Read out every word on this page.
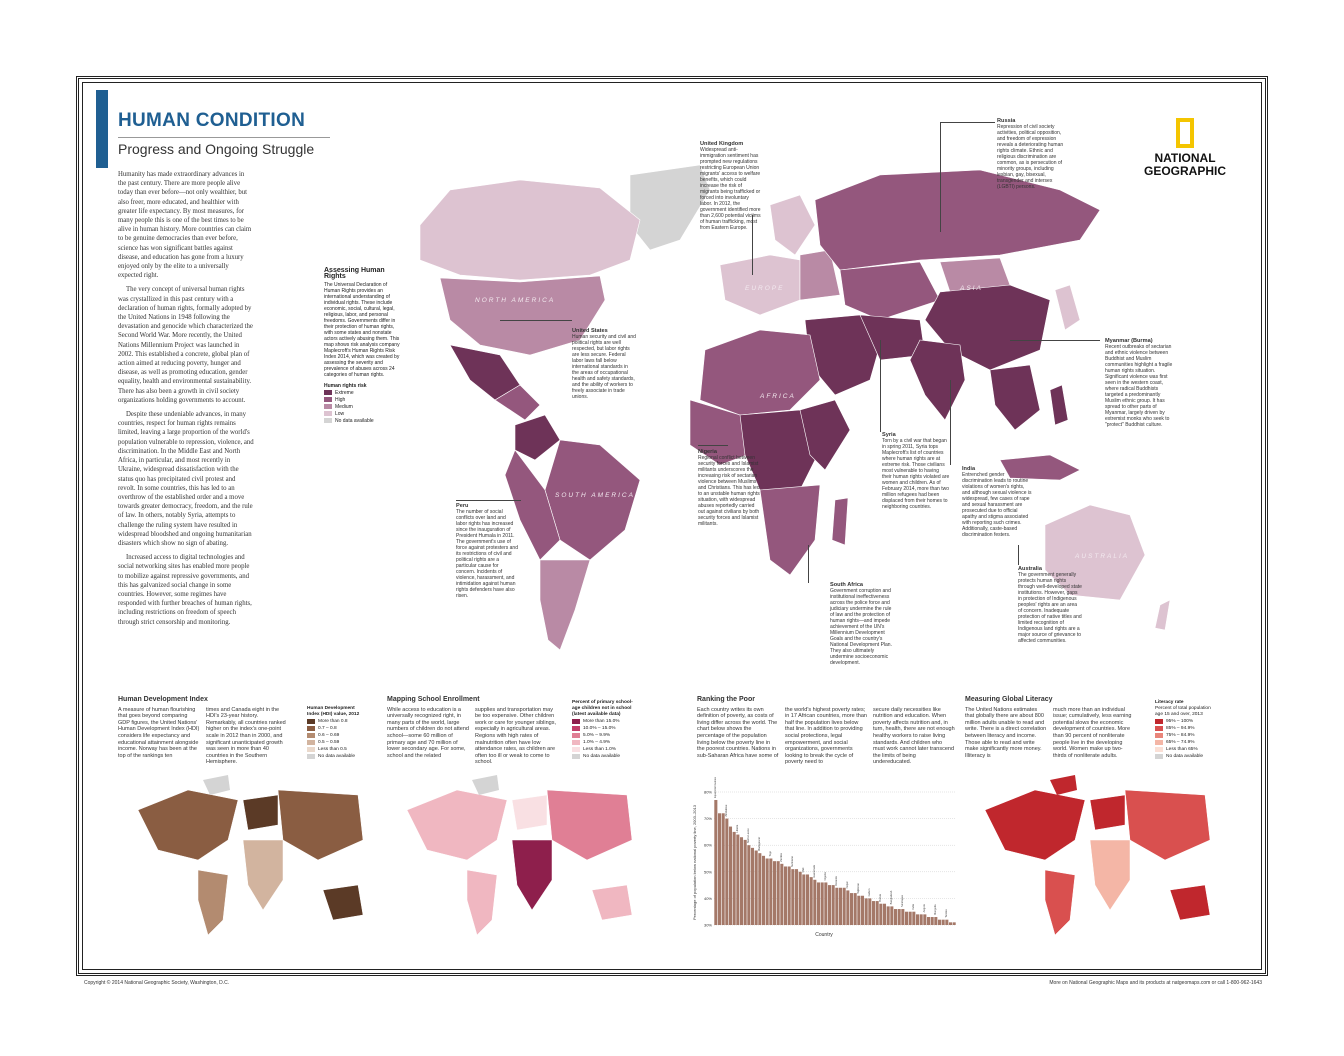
HUMAN CONDITION
Progress and Ongoing Struggle

Humanity has made extraordinary advances in the past century. There are more people alive today than ever before—not only wealthier, but also freer, more educated, and healthier with greater life expectancy. By most measures, for many people this is one of the best times to be alive in human history. More countries can claim to be genuine democracies than ever before, science has won significant battles against disease, and education has gone from a luxury enjoyed only by the elite to a universally expected right.

The very concept of universal human rights was crystallized in this past century with a declaration of human rights, formally adopted by the United Nations in 1948 following the devastation and genocide which characterized the Second World War. More recently, the United Nations Millennium Project was launched in 2002. This established a concrete, global plan of action aimed at reducing poverty, hunger and disease, as well as promoting education, gender equality, health and environmental sustainability. There has also been a growth in civil society organizations holding governments to account.

Despite these undeniable advances, in many countries, respect for human rights remains limited, leaving a large proportion of the world's population vulnerable to repression, violence, and discrimination. In the Middle East and North Africa, in particular, and most recently in Ukraine, widespread dissatisfaction with the status quo has precipitated civil protest and revolt. In some countries, this has led to an overthrow of the established order and a move towards greater democracy, freedom, and the rule of law. In others, notably Syria, attempts to challenge the ruling system have resulted in widespread bloodshed and ongoing humanitarian disasters which show no sign of abating.

Increased access to digital technologies and social networking sites has enabled more people to mobilize against repressive governments, and this has galvanized social change in some countries. However, some regimes have responded with further breaches of human rights, including restrictions on freedom of speech through strict censorship and monitoring.

NATIONAL
GEOGRAPHIC
NORTH AMERICA
SOUTH AMERICA
AFRICA
EUROPE	ASIA
AUSTRALIA
United Kingdom
Widespread anti-immigration sentiment has prompted new regulations restricting European Union migrants' access to welfare benefits, which could increase the risk of migrants being trafficked or forced into involuntary labor. In 2012, the government identified more than 2,600 potential victims of human trafficking, most from Eastern Europe.
Russia
Repression of civil society activities, political opposition, and freedom of expression reveals a deteriorating human rights climate. Ethnic and religious discrimination are common, as is persecution of minority groups, including lesbian, gay, bisexual, transgender and intersex (LGBTI) persons.
United States
Human security and civil and political rights are well respected, but labor rights are less secure. Federal labor laws fall below international standards in the areas of occupational health and safety standards, and the ability of workers to freely associate in trade unions.
Myanmar (Burma)
Recent outbreaks of sectarian and ethnic violence between Buddhist and Muslim communities highlight a fragile human rights situation. Significant violence was first seen in the western coast, where radical Buddhists targeted a predominantly Muslim ethnic group. It has spread to other parts of Myanmar, largely driven by extremist monks who seek to "protect" Buddhist culture.
Syria
Torn by a civil war that began in spring 2011, Syria tops Maplecroft's list of countries where human rights are at extreme risk. Those civilians most vulnerable to having their human rights violated are women and children. As of February 2014, more than two million refugees had been displaced from their homes to neighboring countries.
Nigeria
Regional conflict between security forces and Islamist militants underscores the increasing risk of sectarian violence between Muslims and Christians. This has led to an unstable human rights situation, with widespread abuses reportedly carried out against civilians by both security forces and Islamist militants.
India
Entrenched gender discrimination leads to routine violations of women's rights, and although sexual violence is widespread, few cases of rape and sexual harassment are prosecuted due to official apathy and stigma associated with reporting such crimes. Additionally, caste-based discrimination festers.
Peru
The number of social conflicts over land and labor rights has increased since the inauguration of President Humala in 2011. The government's use of force against protesters and its restrictions of civil and political rights are a particular cause for concern. Incidents of violence, harassment, and intimidation against human rights defenders have also risen.
South Africa
Government corruption and institutional ineffectiveness across the police force and judiciary undermine the rule of law and the protection of human rights—and impede achievement of the UN's Millennium Development Goals and the country's National Development Plan. They also ultimately undermine socioeconomic development.
Australia
The government generally protects human rights through well-developed state institutions. However, gaps in protection of Indigenous peoples' rights are an area of concern. Inadequate protection of native titles and limited recognition of Indigenous land rights are a major source of grievance to affected communities.
Assessing Human Rights
The Universal Declaration of Human Rights provides an international understanding of individual rights. These include economic, social, cultural, legal, religious, labor, and personal freedoms. Governments differ in their protection of human rights, with some states and nonstate actors actively abusing them. This map shows risk analysis company Maplecroft's Human Rights Risk Index 2014, which was created by assessing the severity and prevalence of abuses across 24 categories of human rights.
Human rights risk
Extreme
High
Medium
Low
No data available
Human Development Index
A measure of human flourishing that goes beyond comparing GDP figures, the United Nations' Human Development Index (HDI) considers life expectancy and educational attainment alongside income. Norway has been at the top of the rankings ten
times and Canada eight in the HDI's 23-year history. Remarkably, all countries ranked higher on the index's one-point scale in 2012 than in 2000, and significant unanticipated growth was seen in more than 40 countries in the Southern Hemisphere.
Human Development Index (HDI) value, 2012
More than 0.8
0.7 – 0.8
0.6 – 0.69
0.5 – 0.59
Less than 0.5
No data available
Mapping School Enrollment
While access to education is a universally recognized right, in many parts of the world, large numbers of children do not attend school—some 60 million of primary age and 70 million of lower secondary age. For some, school and the related
supplies and transportation may be too expensive. Other children work or care for younger siblings, especially in agricultural areas. Regions with high rates of malnutrition often have low attendance rates, as children are often too ill or weak to come to school.
Percent of primary school-age children not in school (latest available data)
More than 15.0%
10.0% – 15.0%
5.0% – 9.9%
1.0% – 4.9%
Less than 1.0%
No data available
Ranking the Poor
Each country writes its own definition of poverty, as costs of living differ across the world. The chart below shows the percentage of the population living below the poverty line in the poorest countries. Nations in sub-Saharan Africa have some of
the world's highest poverty rates; in 17 African countries, more than half the population lives below that line. In addition to providing social protections, legal empowerment, and social organizations, governments looking to break the cycle of poverty need to
secure daily necessities like nutrition and education. When poverty affects nutrition and, in turn, health, there are not enough healthy workers to raise living standards. And children who must work cannot later transcend the limits of being undereducated.
Measuring Global Literacy
The United Nations estimates that globally there are about 800 million adults unable to read and write. There is a direct correlation between literacy and income. Those able to read and write make significantly more money. Illiteracy is
much more than an individual issue; cumulatively, less earning potential slows the economic development of countries. More than 90 percent of nonliterate people live in the developing world. Women make up two-thirds of nonliterate adults.
Literacy rate
Percent of total population age 15 and over, 2013
95% – 100%
85% – 94.9%
75% – 84.9%
65% – 74.9%
Less than 65%
No data available
30%
40%
50%
60%
70%
80% Equatorial Guinea
Zimbabwe
Liberia	Sierra Leone
Madagascar
Togo	Zambia	Suriname
Mali	Guatemala	Nigeria	Rwanda	Nepal	Tajikistan	Gabon
Bolivia	Bangladesh	Nicaragua	India	Angola	Mongolia	Tunisia
Percentage of population below national poverty line, 2003–2013
Country
Copyright © 2014 National Geographic Society, Washington, D.C.	More on National Geographic Maps and its products at natgeomaps.com or call 1-800-962-1643
